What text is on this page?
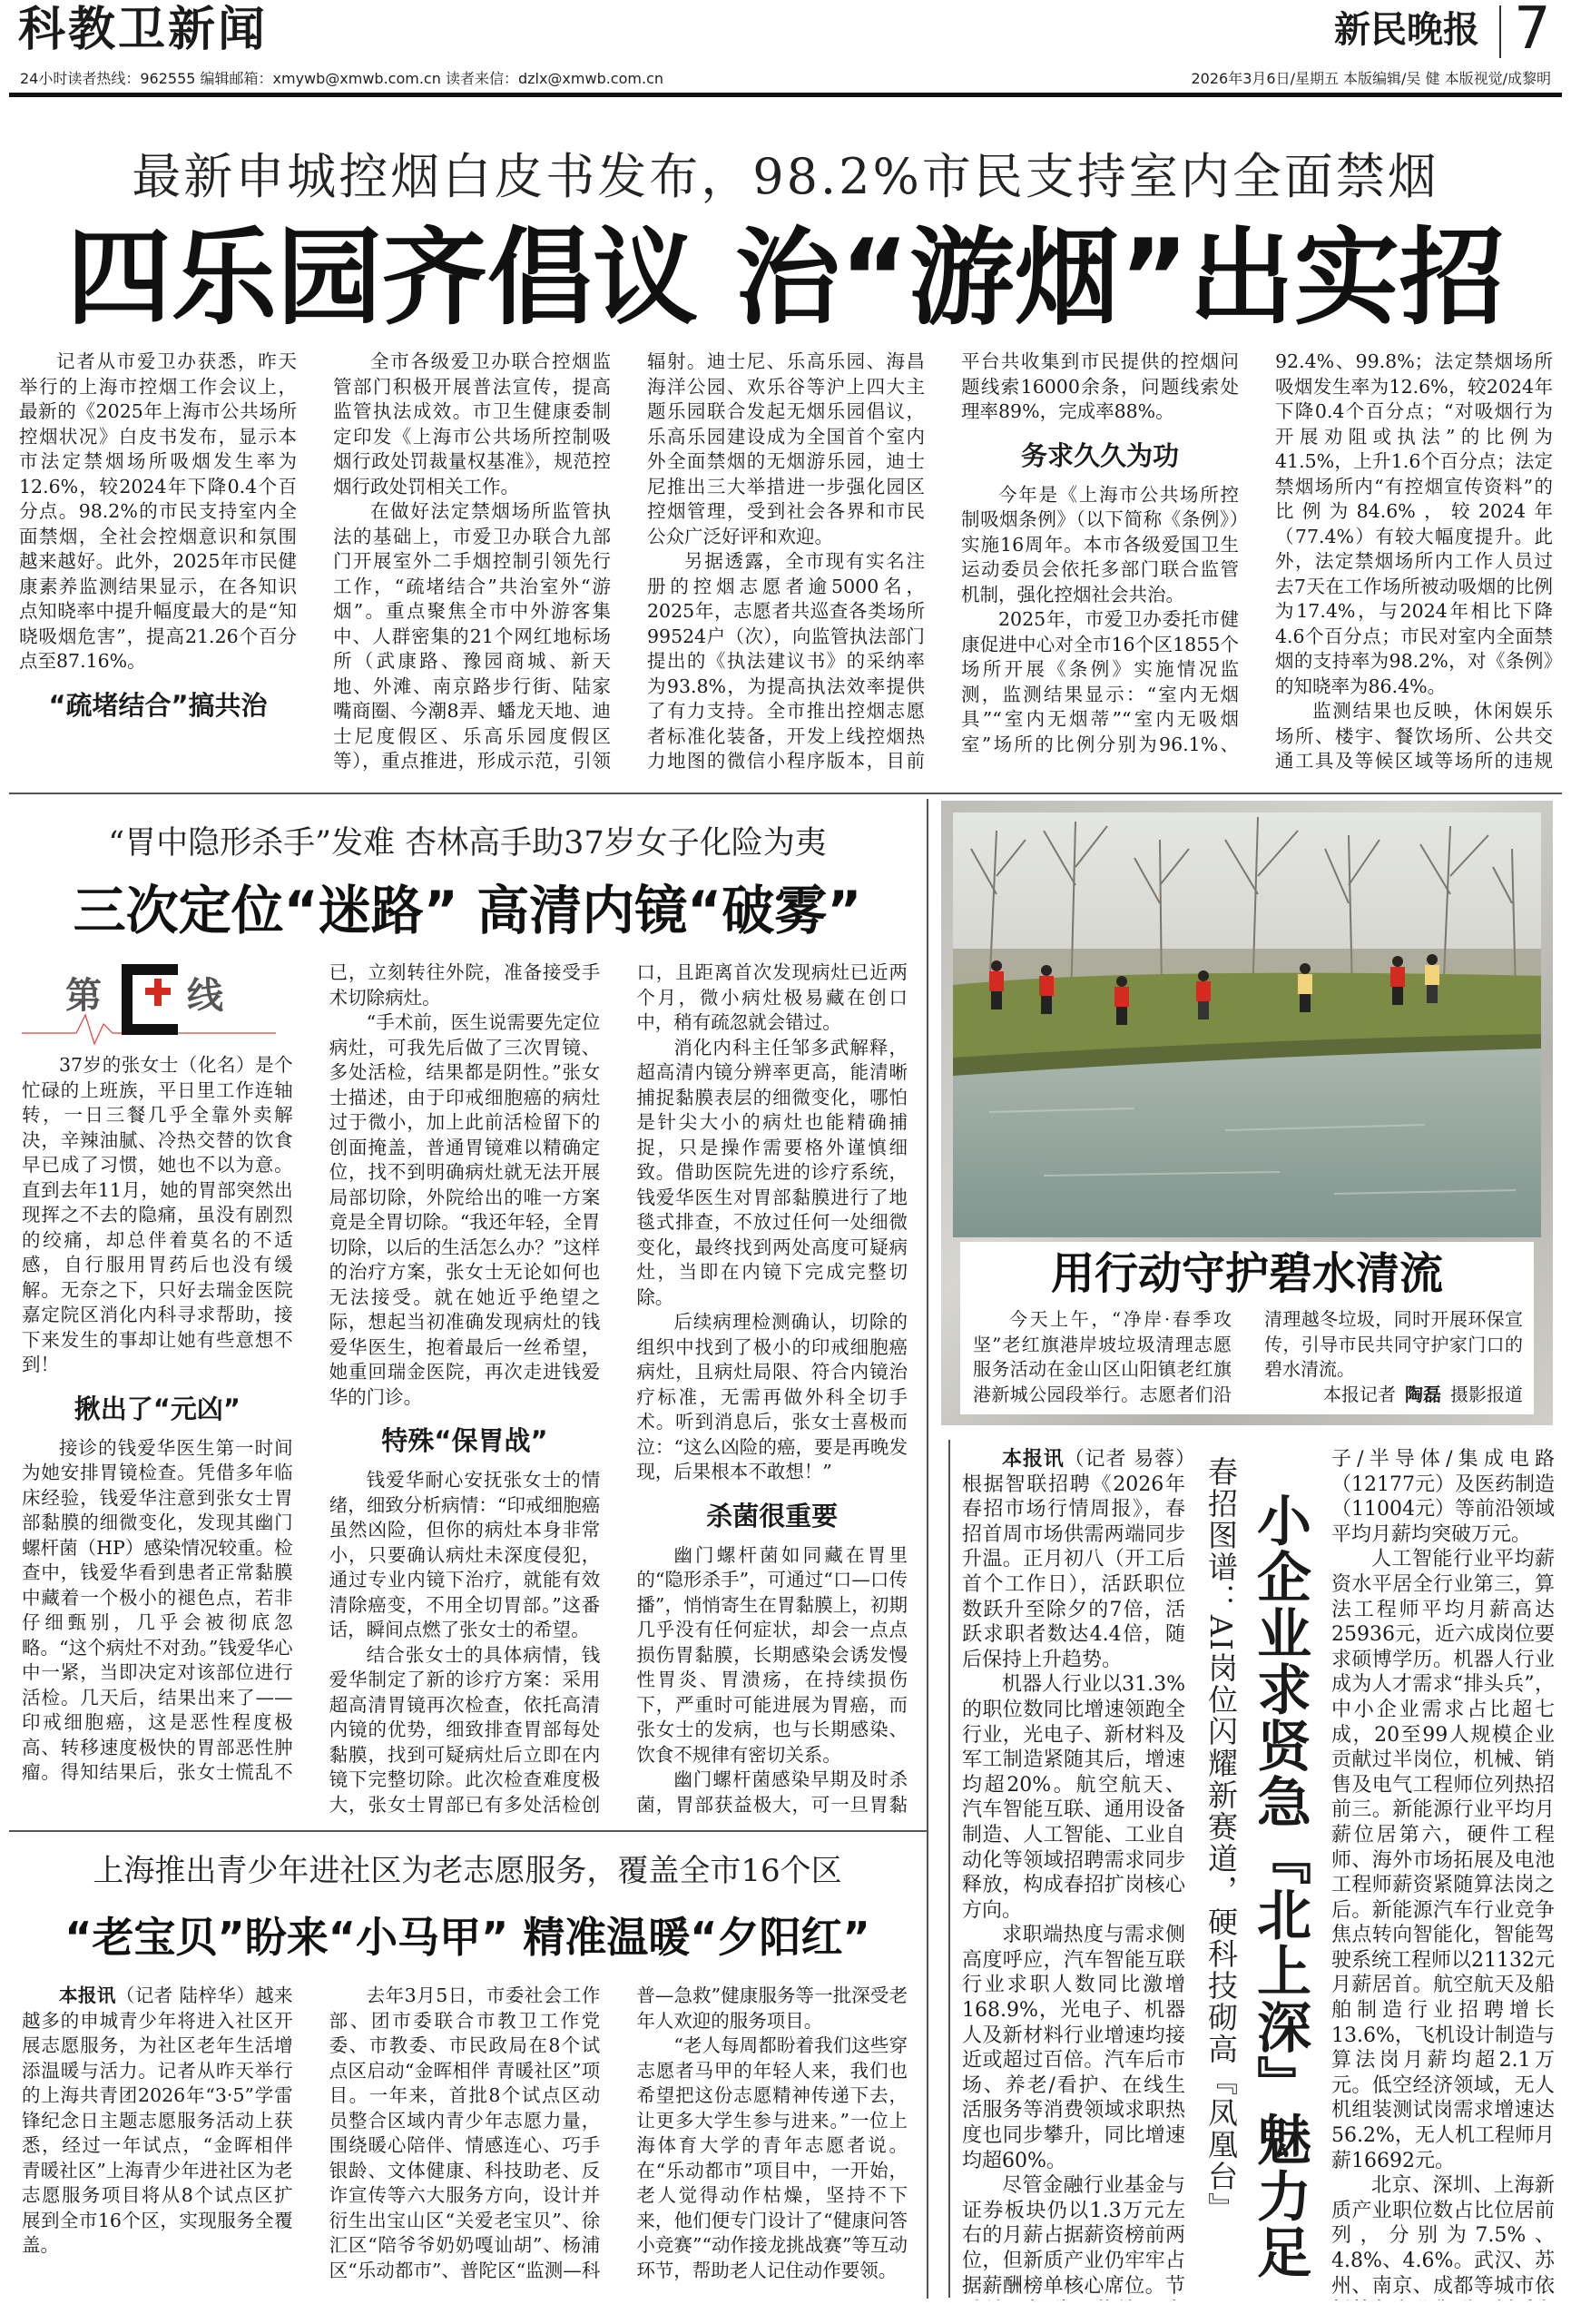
科教卫新闻	新民晚报 7
24小时读者热线：962555 编辑邮箱：xmywb@xmwb.com.cn 读者来信：dzlx@xmwb.com.cn	2026年3月6日/星期五 本版编辑/吴 健 本版视觉/成黎明
最新申城控烟白皮书发布，98.2%市民支持室内全面禁烟
四乐园齐倡议 治“游烟”出实招

记者从市爱卫办获悉，昨天举行的上海市控烟工作会议上，最新的《2025年上海市公共场所控烟状况》白皮书发布，显示本市法定禁烟场所吸烟发生率为12.6%，较2024年下降0.4个百分点。98.2%的市民支持室内全面禁烟，全社会控烟意识和氛围越来越好。此外，2025年市民健康素养监测结果显示，在各知识点知晓率中提升幅度最大的是“知晓吸烟危害”，提高21.26个百分点至87.16%。

“疏堵结合”搞共治

全市各级爱卫办联合控烟监管部门积极开展普法宣传，提高监管执法成效。市卫生健康委制定印发《上海市公共场所控制吸烟行政处罚裁量权基准》，规范控烟行政处罚相关工作。

在做好法定禁烟场所监管执法的基础上，市爱卫办联合九部门开展室外二手烟控制引领先行工作，“疏堵结合”共治室外“游烟”。重点聚焦全市中外游客集中、人群密集的21个网红地标场所（武康路、豫园商城、新天地、外滩、南京路步行街、陆家嘴商圈、今潮8弄、蟠龙天地、迪士尼度假区、乐高乐园度假区等），重点推进，形成示范，引领辐射。迪士尼、乐高乐园、海昌海洋公园、欢乐谷等沪上四大主题乐园联合发起无烟乐园倡议，乐高乐园建设成为全国首个室内外全面禁烟的无烟游乐园，迪士尼推出三大举措进一步强化园区控烟管理，受到社会各界和市民公众广泛好评和欢迎。

另据透露，全市现有实名注册的控烟志愿者逾5000名，2025年，志愿者共巡查各类场所99524户（次），向监管执法部门提出的《执法建议书》的采纳率为93.8%，为提高执法效率提供了有力支持。全市推出控烟志愿者标准化装备，开发上线控烟热力地图的微信小程序版本，目前平台共收集到市民提供的控烟问题线索16000余条，问题线索处理率89%，完成率88%。

务求久久为功

今年是《上海市公共场所控制吸烟条例》（以下简称《条例》）实施16周年。本市各级爱国卫生运动委员会依托多部门联合监管机制，强化控烟社会共治。

2025年，市爱卫办委托市健康促进中心对全市16个区1855个场所开展《条例》实施情况监测，监测结果显示：“室内无烟具”“室内无烟蒂”“室内无吸烟室”场所的比例分别为96.1%、92.4%、99.8%；法定禁烟场所吸烟发生率为12.6%，较2024年下降0.4个百分点；“对吸烟行为开展劝阻或执法”的比例为41.5%，上升1.6个百分点；法定禁烟场所内“有控烟宣传资料”的比例为84.6%，较2024年（77.4%）有较大幅度提升。此外，法定禁烟场所内工作人员过去7天在工作场所被动吸烟的比例为17.4%，与2024年相比下降4.6个百分点；市民对室内全面禁烟的支持率为98.2%，对《条例》的知晓率为86.4%。

监测结果也反映，休闲娱乐场所、楼宇、餐饮场所、公共交通工具及等候区域等场所的违规

“胃中隐形杀手”发难 杏林高手助37岁女子化险为夷
三次定位“迷路” 高清内镜“破雾”
第 线

37岁的张女士（化名）是个忙碌的上班族，平日里工作连轴转，一日三餐几乎全靠外卖解决，辛辣油腻、冷热交替的饮食早已成了习惯，她也不以为意。直到去年11月，她的胃部突然出现挥之不去的隐痛，虽没有剧烈的绞痛，却总伴着莫名的不适感，自行服用胃药后也没有缓解。无奈之下，只好去瑞金医院嘉定院区消化内科寻求帮助，接下来发生的事却让她有些意想不到！

揪出了“元凶”

接诊的钱爱华医生第一时间为她安排胃镜检查。凭借多年临床经验，钱爱华注意到张女士胃部黏膜的细微变化，发现其幽门螺杆菌（HP）感染情况较重。检查中，钱爱华看到患者正常黏膜中藏着一个极小的褪色点，若非仔细甄别，几乎会被彻底忽略。“这个病灶不对劲。”钱爱华心中一紧，当即决定对该部位进行活检。几天后，结果出来了——印戒细胞癌，这是恶性程度极高、转移速度极快的胃部恶性肿瘤。得知结果后，张女士慌乱不已，立刻转往外院，准备接受手术切除病灶。

“手术前，医生说需要先定位病灶，可我先后做了三次胃镜、多处活检，结果都是阴性。”张女士描述，由于印戒细胞癌的病灶过于微小，加上此前活检留下的创面掩盖，普通胃镜难以精确定位，找不到明确病灶就无法开展局部切除，外院给出的唯一方案竟是全胃切除。“我还年轻，全胃切除，以后的生活怎么办？”这样的治疗方案，张女士无论如何也无法接受。就在她近乎绝望之际，想起当初准确发现病灶的钱爱华医生，抱着最后一丝希望，她重回瑞金医院，再次走进钱爱华的门诊。

特殊“保胃战”

钱爱华耐心安抚张女士的情绪，细致分析病情：“印戒细胞癌虽然凶险，但你的病灶本身非常小，只要确认病灶未深度侵犯，通过专业内镜下治疗，就能有效清除癌变，不用全切胃部。”这番话，瞬间点燃了张女士的希望。

结合张女士的具体病情，钱爱华制定了新的诊疗方案：采用超高清胃镜再次检查，依托高清内镜的优势，细致排查胃部每处黏膜，找到可疑病灶后立即在内镜下完整切除。此次检查难度极大，张女士胃部已有多处活检创口，且距离首次发现病灶已近两个月，微小病灶极易藏在创口中，稍有疏忽就会错过。

消化内科主任邹多武解释，超高清内镜分辨率更高，能清晰捕捉黏膜表层的细微变化，哪怕是针尖大小的病灶也能精确捕捉，只是操作需要格外谨慎细致。借助医院先进的诊疗系统，钱爱华医生对胃部黏膜进行了地毯式排查，不放过任何一处细微变化，最终找到两处高度可疑病灶，当即在内镜下完成完整切除。

后续病理检测确认，切除的组织中找到了极小的印戒细胞癌病灶，且病灶局限、符合内镜治疗标准，无需再做外科全切手术。听到消息后，张女士喜极而泣：“这么凶险的癌，要是再晚发现，后果根本不敢想！”

杀菌很重要

幽门螺杆菌如同藏在胃里的“隐形杀手”，可通过“口—口传播”，悄悄寄生在胃黏膜上，初期几乎没有任何症状，却会一点点损伤胃黏膜，长期感染会诱发慢性胃炎、胃溃疡，在持续损伤下，严重时可能进展为胃癌，而张女士的发病，也与长期感染、饮食不规律有密切关系。

幽门螺杆菌感染早期及时杀菌，胃部获益极大，可一旦胃黏

上海推出青少年进社区为老志愿服务，覆盖全市16个区
“老宝贝”盼来“小马甲” 精准温暖“夕阳红”

本报讯（记者 陆梓华）越来越多的申城青少年将进入社区开展志愿服务，为社区老年生活增添温暖与活力。记者从昨天举行的上海共青团2026年“3·5”学雷锋纪念日主题志愿服务活动上获悉，经过一年试点，“金晖相伴 青暖社区”上海青少年进社区为老志愿服务项目将从8个试点区扩展到全市16个区，实现服务全覆盖。

去年3月5日，市委社会工作部、团市委联合市教卫工作党委、市教委、市民政局在8个试点区启动“金晖相伴 青暖社区”项目。一年来，首批8个试点区动员整合区域内青少年志愿力量，围绕暖心陪伴、情感连心、巧手银龄、文体健康、科技助老、反诈宣传等六大服务方向，设计并衍生出宝山区“关爱老宝贝”、徐汇区“陪爷爷奶奶嘎讪胡”、杨浦区“乐动都市”、普陀区“监测—科普—急救”健康服务等一批深受老年人欢迎的服务项目。

“老人每周都盼着我们这些穿志愿者马甲的年轻人来，我们也希望把这份志愿精神传递下去，让更多大学生参与进来。”一位上海体育大学的青年志愿者说。在“乐动都市”项目中，一开始，老人觉得动作枯燥，坚持不下来，他们便专门设计了“健康问答小竞赛”“动作接龙挑战赛”等互动环节，帮助老人记住动作要领。

用行动守护碧水清流

今天上午，“净岸·春季攻坚”老红旗港岸坡垃圾清理志愿服务活动在金山区山阳镇老红旗港新城公园段举行。志愿者们沿清理越冬垃圾，同时开展环保宣传，引导市民共同守护家门口的碧水清流。

本报记者 陶磊 摄影报道

本报讯（记者 易蓉）根据智联招聘《2026年春招市场行情周报》，春招首周市场供需两端同步升温。正月初八（开工后首个工作日），活跃职位数跃升至除夕的7倍，活跃求职者数达4.4倍，随后保持上升趋势。

机器人行业以31.3%的职位数同比增速领跑全行业，光电子、新材料及军工制造紧随其后，增速均超20%。航空航天、汽车智能互联、通用设备制造、人工智能、工业自动化等领域招聘需求同步释放，构成春招扩岗核心方向。

求职端热度与需求侧高度呼应，汽车智能互联行业求职人数同比激增168.9%，光电子、机器人及新材料行业增速均接近或超过百倍。汽车后市场、养老/看护、在线生活服务等消费领域求职热度也同步攀升，同比增速均超60%。

尽管金融行业基金与证券板块仍以1.3万元左右的月薪占据薪资榜前两位，但新质产业仍牢牢占据薪酬榜单核心席位。节

春招图谱：AI岗位闪耀新赛道，硬科技砌高『凤凰台』 小企业求贤急『北上深』魅力足

子/半导体/集成电路（12177元）及医药制造（11004元）等前沿领域平均月薪均突破万元。

人工智能行业平均薪资水平居全行业第三，算法工程师平均月薪高达25936元，近六成岗位要求硕博学历。机器人行业成为人才需求“排头兵”，中小企业需求占比超七成，20至99人规模企业贡献过半岗位，机械、销售及电气工程师位列热招前三。新能源行业平均月薪位居第六，硬件工程师、海外市场拓展及电池工程师薪资紧随算法岗之后。新能源汽车行业竞争焦点转向智能化，智能驾驶系统工程师以21132元月薪居首。航空航天及船舶制造行业招聘增长13.6%，飞机设计制造与算法岗月薪均超2.1万元。低空经济领域，无人机组装测试岗需求增速达56.2%，无人机工程师月薪16692元。

北京、深圳、上海新质产业职位数占比位居前列，分别为7.5%、4.8%、4.6%。武汉、苏州、南京、成都等城市依
